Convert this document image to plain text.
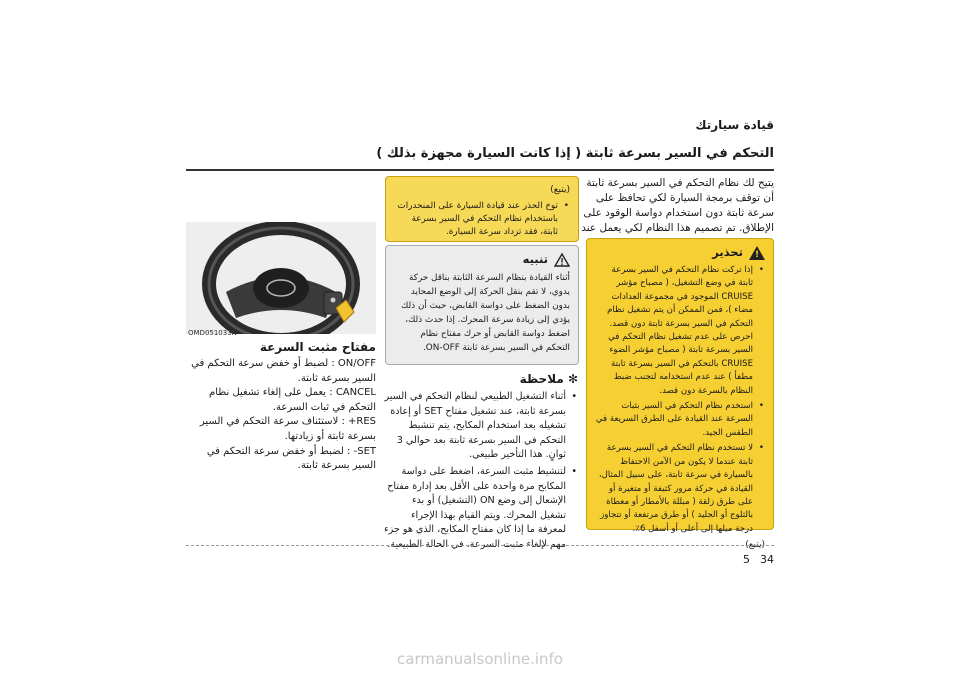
قيادة سيارتك
التحكم في السير بسرعة ثابتة ( إذا كانت السيارة مجهزة بذلك )
يتيح لك نظام التحكم في السير بسرعة ثابتة أن توقف برمجة السيارة لكي تحافظ على سرعة ثابتة دون استخدام دواسة الوقود على الإطلاق. تم تصميم هذا النظام لكي يعمل عند
!
تحذير
• إذا تركت نظام التحكم في السير بسرعة ثابتة في وضع التشغيل، ( مصباح مؤشر CRUISE الموجود في مجموعة العدادات مضاء )، فمن الممكن أن يتم تشغيل نظام التحكم في السير بسرعة ثابتة دون قصد. احرص على عدم تشغيل نظام التحكم في السير بسرعة ثابتة ( مصباح مؤشر الضوء CRUISE بالتحكم في السير بسرعة ثابتة مطفأ ) عند عدم استخدامه لتجنب ضبط النظام بالسرعة دون قصد.
• استخدم نظام التحكم في السير بثبات السرعة عند القيادة على الطرق السريعة في الطقس الجيد.
• لا تستخدم نظام التحكم في السير بسرعة ثابتة عندما لا يكون من الآمن الاحتفاظ بالسيارة في سرعة ثابتة، على سبيل المثال، القيادة في حركة مرور كثيفة أو متغيرة أو على طرق زلقة ( مبللة بالأمطار أو مغطاة بالثلوج أو الجليد ) أو طرق مرتفعة أو تتجاوز درجة ميلها إلى أعلى أو أسفل 6٪.
(يتبع)
(يتبع)
• توخ الحذر عند قيادة السيارة على المنحدرات باستخدام نظام التحكم في السير بسرعة ثابتة، فقد تزداد سرعة السيارة.
تنبيه
أثناء القيادة بنظام السرعة الثابتة بناقل حركة يدوي، لا تقم بنقل الحركة إلى الوضع المحايد بدون الضغط على دواسة القابض، حيث أن ذلك يؤدي إلى زيادة سرعة المحرك. إذا حدث ذلك، اضغط دواسة القابض أو حرك مفتاح نظام التحكم في السير بسرعة ثابتة ON-OFF.
✻ ملاحظة
• أثناء التشغيل الطبيعي لنظام التحكم في السير بسرعة ثابتة، عند تشغيل مفتاح SET أو إعادة تشغيله بعد استخدام المكابح، يتم تنشيط التحكم في السير بسرعة ثابتة بعد حوالي 3 ثوانٍ. هذا التأخير طبيعي.
• لتنشيط مثبت السرعة، اضغط على دواسة المكابح مرة واحدة على الأقل بعد إدارة مفتاح الإشعال إلى وضع ON (التشغيل) أو بدء تشغيل المحرك. ويتم القيام بهذا الإجراء لمعرفة ما إذا كان مفتاح المكابح، الذي هو جزء مهم لإلغاء مثبت السرعة، في الحالة الطبيعية.
OMD051033N
مفتاح مثبت السرعة
ON/OFF : لضبط أو خفض سرعة التحكم في السير بسرعة ثابتة.
CANCEL : يعمل على إلغاء تشغيل نظام التحكم في ثبات السرعة.
RES+ : لاستئناف سرعة التحكم في السير بسرعة ثابتة أو زيادتها.
SET- : لضبط أو خفض سرعة التحكم في السير بسرعة ثابتة.
34
5
carmanualsonline.info
